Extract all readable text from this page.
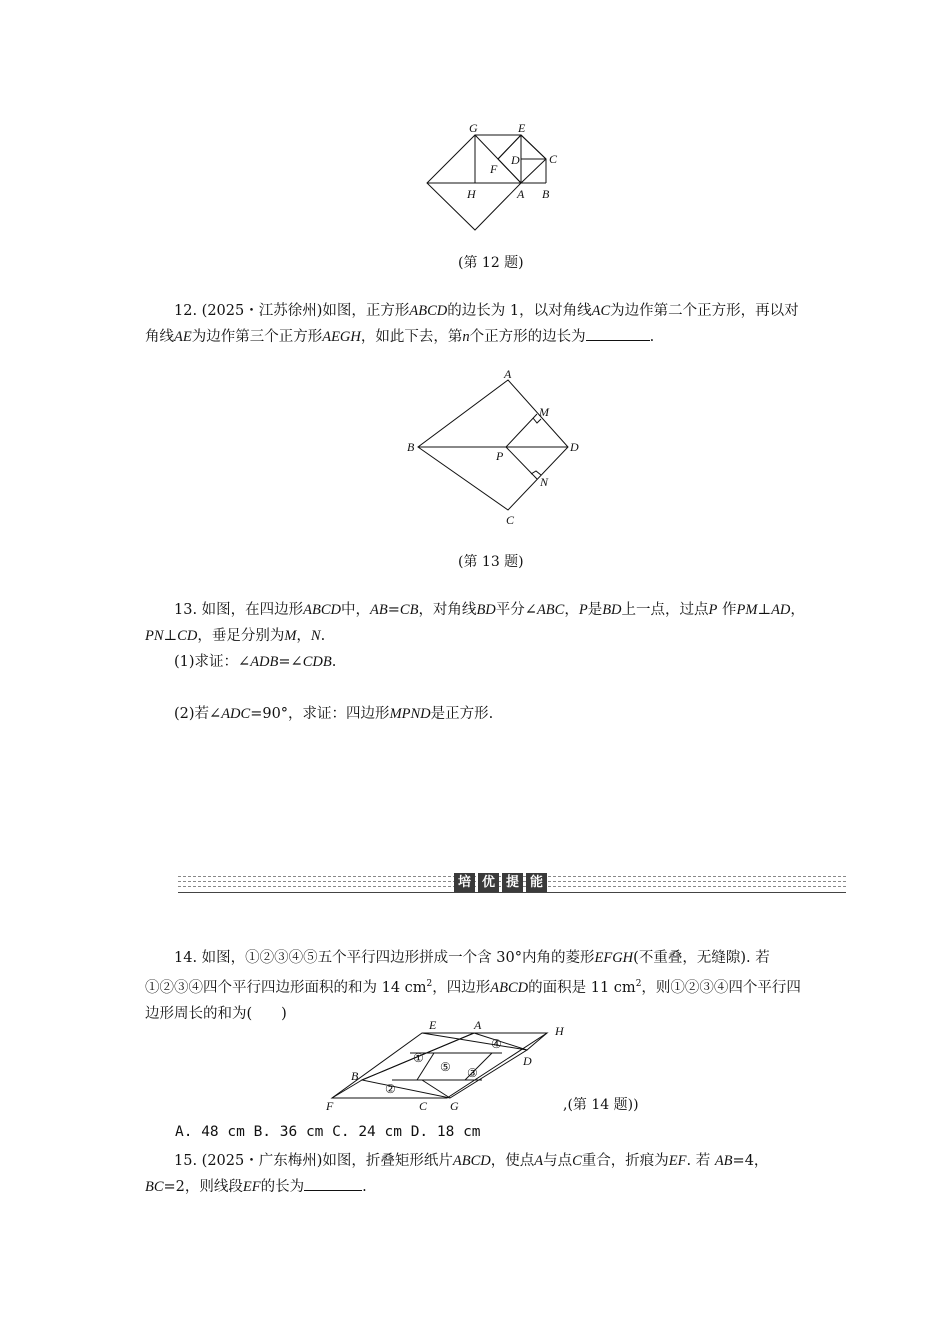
G	E
D C
F
H	A B
(第 12 题)

12. (2025・江苏徐州)如图，正方形ABCD的边长为 1，以对角线AC为边作第二个正方形，再以对角线AE为边作第三个正方形AEGH，如此下去，第n个正方形的边长为	.

A
M
B
P
D
N
C
(第 13 题)

13. 如图，在四边形ABCD中，AB=CB，对角线BD平分∠ABC，P是BD上一点，过点P 作PM⊥AD，PN⊥CD，垂足分别为M，N.

(1)求证：∠ADB=∠CDB.

(2)若∠ADC=90°，求证：四边形MPND是正方形.

培 优 提 能

14. 如图，①②③④⑤五个平行四边形拼成一个含 30°内角的菱形EFGH(不重叠，无缝隙). 若①②③④四个平行四边形面积的和为 14 $cm^2$，四边形ABCD的面积是 11 $cm^2$，则①②③④四个平行四边形周长的和为(　　)

E	A	H
D
B
F	C G
①
②
③
④
⑤
,(第 14 题))
A. 48 cm B. 36 cm C. 24 cm D. 18 cm

15. (2025・广东梅州)如图，折叠矩形纸片ABCD，使点A与点C重合，折痕为EF. 若 AB=4，BC=2，则线段EF的长为	.
